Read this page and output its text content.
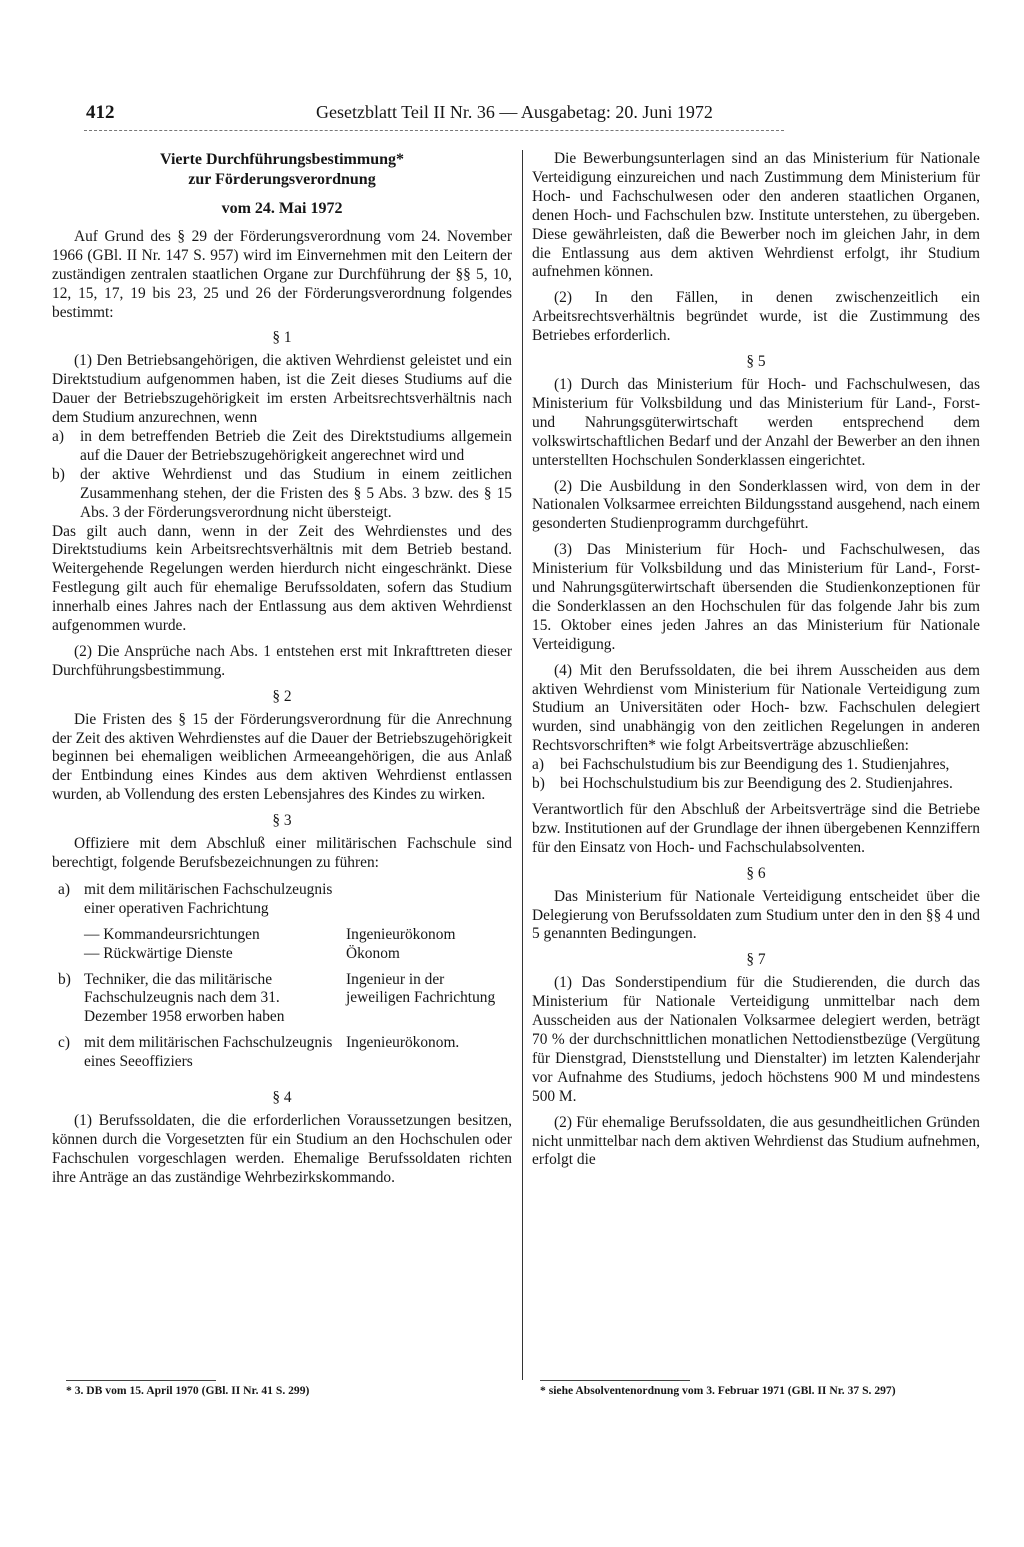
412	Gesetzblatt Teil II Nr. 36 — Ausgabetag: 20. Juni 1972

Vierte Durchführungsbestimmung*

zur Förderungsverordnung

vom 24. Mai 1972

Auf Grund des § 29 der Förderungsverordnung vom 24. November 1966 (GBl. II Nr. 147 S. 957) wird im Einvernehmen mit den Leitern der zuständigen zentralen staatlichen Organe zur Durchführung der §§ 5, 10, 12, 15, 17, 19 bis 23, 25 und 26 der Förderungsverordnung folgendes bestimmt:

§ 1

(1) Den Betriebsangehörigen, die aktiven Wehrdienst geleistet und ein Direktstudium aufgenommen haben, ist die Zeit dieses Studiums auf die Dauer der Betriebszugehörigkeit im ersten Arbeitsrechtsverhältnis nach dem Studium anzurechnen, wenn

a)	in dem betreffenden Betrieb die Zeit des Direktstudiums allgemein auf die Dauer der Betriebszugehörigkeit angerechnet wird und
b) der aktive Wehrdienst und das Studium in einem zeitlichen Zusammenhang stehen, der die Fristen des § 5 Abs. 3 bzw. des § 15 Abs. 3 der Förderungsverordnung nicht übersteigt.

Das gilt auch dann, wenn in der Zeit des Wehrdienstes und des Direktstudiums kein Arbeitsrechtsverhältnis mit dem Betrieb bestand. Weitergehende Regelungen werden hierdurch nicht eingeschränkt. Diese Festlegung gilt auch für ehemalige Berufssoldaten, sofern das Studium innerhalb eines Jahres nach der Entlassung aus dem aktiven Wehrdienst aufgenommen wurde.

(2) Die Ansprüche nach Abs. 1 entstehen erst mit Inkrafttreten dieser Durchführungsbestimmung.

§ 2

Die Fristen des § 15 der Förderungsverordnung für die Anrechnung der Zeit des aktiven Wehrdienstes auf die Dauer der Betriebszugehörigkeit beginnen bei ehemaligen weiblichen Armeeangehörigen, die aus Anlaß der Entbindung eines Kindes aus dem aktiven Wehrdienst entlassen wurden, ab Vollendung des ersten Lebensjahres des Kindes zu wirken.

§ 3

Offiziere mit dem Abschluß einer militärischen Fachschule sind berechtigt, folgende Berufsbezeichnungen zu führen:

a)	mit dem militärischen Fachschulzeugnis einer operativen Fachrichtung	
	— Kommandeursrichtungen	Ingenieurökonom
	— Rückwärtige Dienste	Ökonom
b)	Techniker, die das militärische Fachschulzeugnis nach dem 31. Dezember 1958 erworben haben	Ingenieur in der jeweiligen Fachrichtung
c)	mit dem militärischen Fachschulzeugnis eines Seeoffiziers	Ingenieurökonom.

§ 4

(1) Berufssoldaten, die die erforderlichen Voraussetzungen besitzen, können durch die Vorgesetzten für ein Studium an den Hochschulen oder Fachschulen vorgeschlagen werden. Ehemalige Berufssoldaten richten ihre Anträge an das zuständige Wehrbezirkskommando.

Die Bewerbungsunterlagen sind an das Ministerium für Nationale Verteidigung einzureichen und nach Zustimmung dem Ministerium für Hoch- und Fachschulwesen oder den anderen staatlichen Organen, denen Hoch- und Fachschulen bzw. Institute unterstehen, zu übergeben. Diese gewährleisten, daß die Bewerber noch im gleichen Jahr, in dem die Entlassung aus dem aktiven Wehrdienst erfolgt, ihr Studium aufnehmen können.

(2) In den Fällen, in denen zwischenzeitlich ein Arbeitsrechtsverhältnis begründet wurde, ist die Zustimmung des Betriebes erforderlich.

§ 5

(1) Durch das Ministerium für Hoch- und Fachschulwesen, das Ministerium für Volksbildung und das Ministerium für Land-, Forst- und Nahrungsgüterwirtschaft werden entsprechend dem volkswirtschaftlichen Bedarf und der Anzahl der Bewerber an den ihnen unterstellten Hochschulen Sonderklassen eingerichtet.

(2) Die Ausbildung in den Sonderklassen wird, von dem in der Nationalen Volksarmee erreichten Bildungsstand ausgehend, nach einem gesonderten Studienprogramm durchgeführt.

(3) Das Ministerium für Hoch- und Fachschulwesen, das Ministerium für Volksbildung und das Ministerium für Land-, Forst- und Nahrungsgüterwirtschaft übersenden die Studienkonzeptionen für die Sonderklassen an den Hochschulen für das folgende Jahr bis zum 15. Oktober eines jeden Jahres an das Ministerium für Nationale Verteidigung.

(4) Mit den Berufssoldaten, die bei ihrem Ausscheiden aus dem aktiven Wehrdienst vom Ministerium für Nationale Verteidigung zum Studium an Universitäten oder Hoch- bzw. Fachschulen delegiert wurden, sind unabhängig von den zeitlichen Regelungen in anderen Rechtsvorschriften* wie folgt Arbeitsverträge abzuschließen:

a)	bei Fachschulstudium bis zur Beendigung des 1. Studienjahres,
b) bei Hochschulstudium bis zur Beendigung des 2. Studienjahres.

Verantwortlich für den Abschluß der Arbeitsverträge sind die Betriebe bzw. Institutionen auf der Grundlage der ihnen übergebenen Kennziffern für den Einsatz von Hoch- und Fachschulabsolventen.

§ 6

Das Ministerium für Nationale Verteidigung entscheidet über die Delegierung von Berufssoldaten zum Studium unter den in den §§ 4 und 5 genannten Bedingungen.

§ 7

(1) Das Sonderstipendium für die Studierenden, die durch das Ministerium für Nationale Verteidigung unmittelbar nach dem Ausscheiden aus der Nationalen Volksarmee delegiert werden, beträgt 70 % der durchschnittlichen monatlichen Nettodienstbezüge (Vergütung für Dienstgrad, Dienststellung und Dienstalter) im letzten Kalenderjahr vor Aufnahme des Studiums, jedoch höchstens 900 M und mindestens 500 M.

(2) Für ehemalige Berufssoldaten, die aus gesundheitlichen Gründen nicht unmittelbar nach dem aktiven Wehrdienst das Studium aufnehmen, erfolgt die

* 3. DB vom 15. April 1970 (GBl. II Nr. 41 S. 299)	* siehe Absolventenordnung vom 3. Februar 1971 (GBl. II Nr. 37 S. 297)
